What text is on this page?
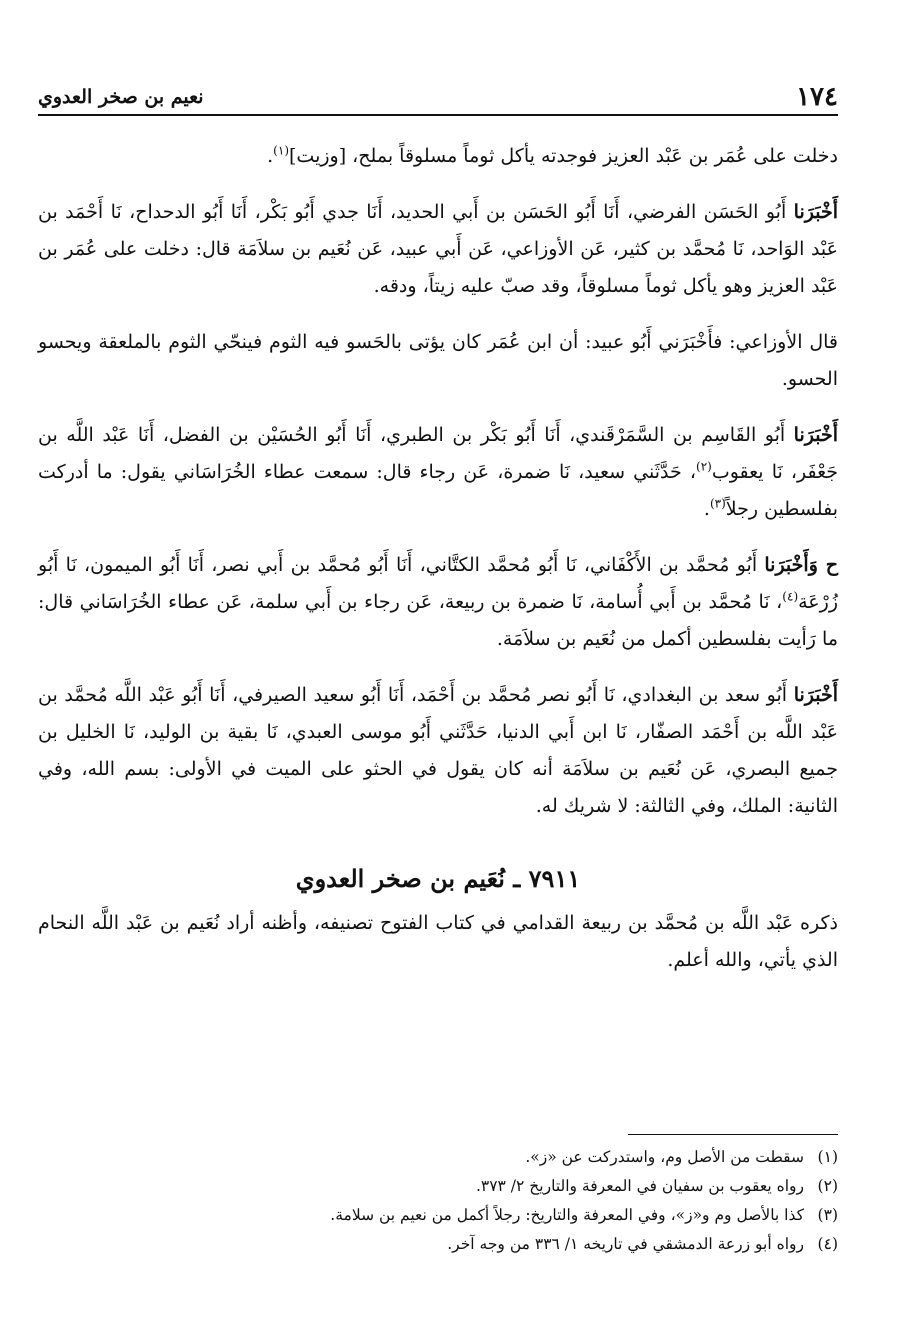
١٧٤
نعيم بن صخر العدوي

دخلت على عُمَر بن عَبْد العزيز فوجدته يأكل ثوماً مسلوقاً بملح، [وزيت]$^{(١)}$.

أَخْبَرَنا أَبُو الحَسَن الفرضي، أَنَا أَبُو الحَسَن بن أَبي الحديد، أَنَا جدي أَبُو بَكْر، أَنَا أَبُو الدحداح، نَا أَحْمَد بن عَبْد الوَاحد، نَا مُحمَّد بن كثير، عَن الأوزاعي، عَن أَبي عبيد، عَن نُعَيم بن سلاَمَة قال: دخلت على عُمَر بن عَبْد العزيز وهو يأكل ثوماً مسلوقاً، وقد صبّ عليه زيتاً، ودقه.

قال الأوزاعي: فأَخْبَرَني أَبُو عبيد: أن ابن عُمَر كان يؤتى بالحَسو فيه الثوم فينحّي الثوم بالملعقة ويحسو الحسو.

أَخْبَرَنا أَبُو القَاسِم بن السَّمَرْقَندي، أَنَا أَبُو بَكْر بن الطبري، أَنَا أَبُو الحُسَيْن بن الفضل، أَنَا عَبْد اللَّه بن جَعْفَر، نَا يعقوب$^{(٢)}$، حَدَّثَني سعيد، نَا ضمرة، عَن رجاء قال: سمعت عطاء الخُرَاسَاني يقول: ما أدركت بفلسطين رجلاً$^{(٣)}$.

ح وَأَخْبَرَنا أَبُو مُحمَّد بن الأَكْفَاني، نَا أَبُو مُحمَّد الكتَّاني، أَنَا أَبُو مُحمَّد بن أَبي نصر، أَنَا أَبُو الميمون، نَا أَبُو زُرْعَة$^{(٤)}$، نَا مُحمَّد بن أَبي أُسامة، نَا ضمرة بن ربيعة، عَن رجاء بن أَبي سلمة، عَن عطاء الخُرَاسَاني قال: ما رَأيت بفلسطين أكمل من نُعَيم بن سلاَمَة.

أَخْبَرَنا أَبُو سعد بن البغدادي، نَا أَبُو نصر مُحمَّد بن أَحْمَد، أَنَا أَبُو سعيد الصيرفي، أَنَا أَبُو عَبْد اللَّه مُحمَّد بن عَبْد اللَّه بن أَحْمَد الصفّار، نَا ابن أَبي الدنيا، حَدَّثَني أَبُو موسى العبدي، نَا بقية بن الوليد، نَا الخليل بن جميع البصري، عَن نُعَيم بن سلاَمَة أنه كان يقول في الحثو على الميت في الأولى: بسم الله، وفي الثانية: الملك، وفي الثالثة: لا شريك له.

٧٩١١ ـ نُعَيم بن صخر العدوي

ذكره عَبْد اللَّه بن مُحمَّد بن ربيعة القدامي في كتاب الفتوح تصنيفه، وأظنه أراد نُعَيم بن عَبْد اللَّه النحام الذي يأتي، والله أعلم.

(١)سقطت من الأصل وم، واستدركت عن «ز».
(٢)رواه يعقوب بن سفيان في المعرفة والتاريخ ٢/ ٣٧٣.
(٣)كذا بالأصل وم و«ز»، وفي المعرفة والتاريخ: رجلاً أكمل من نعيم بن سلامة.
(٤)رواه أبو زرعة الدمشقي في تاريخه ١/ ٣٣٦ من وجه آخر.
